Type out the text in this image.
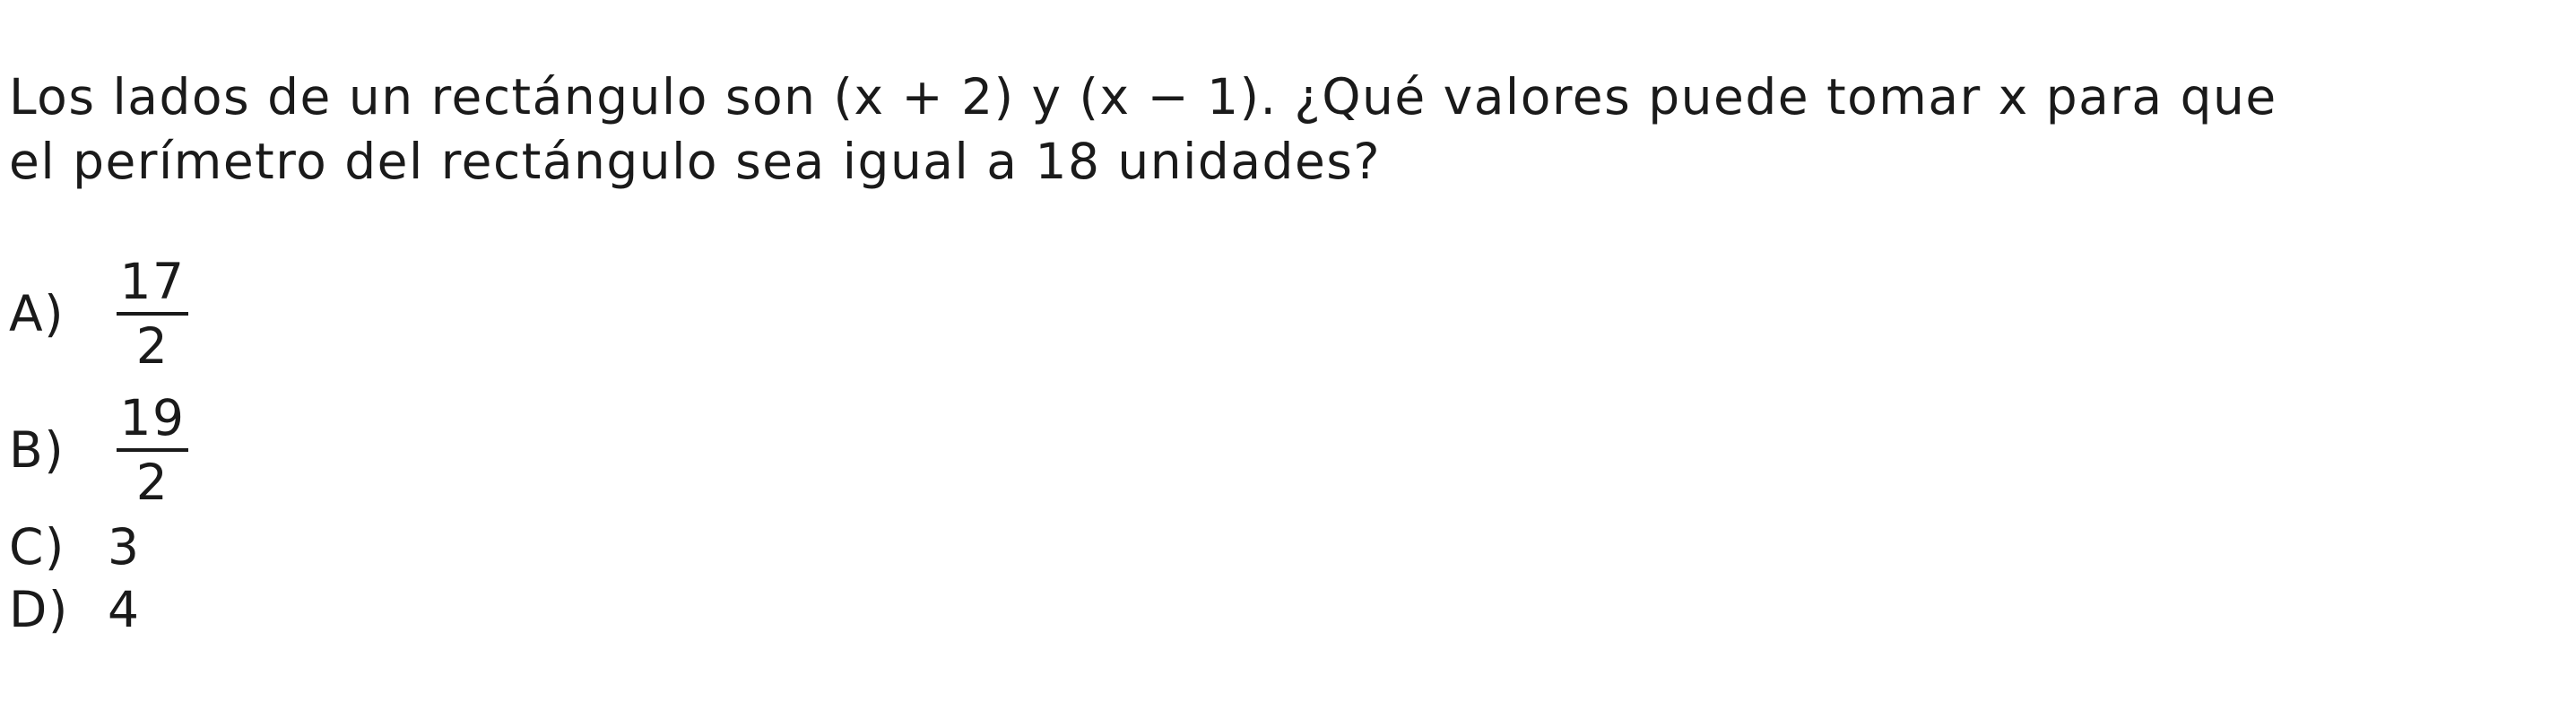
Los lados de un rectángulo son (x + 2) y (x − 1). ¿Qué valores puede tomar x para que
el perímetro del rectángulo sea igual a 18 unidades?

$A) \frac{17}{2}$
$B) \frac{19}{2}$
C) 3
D) 4
